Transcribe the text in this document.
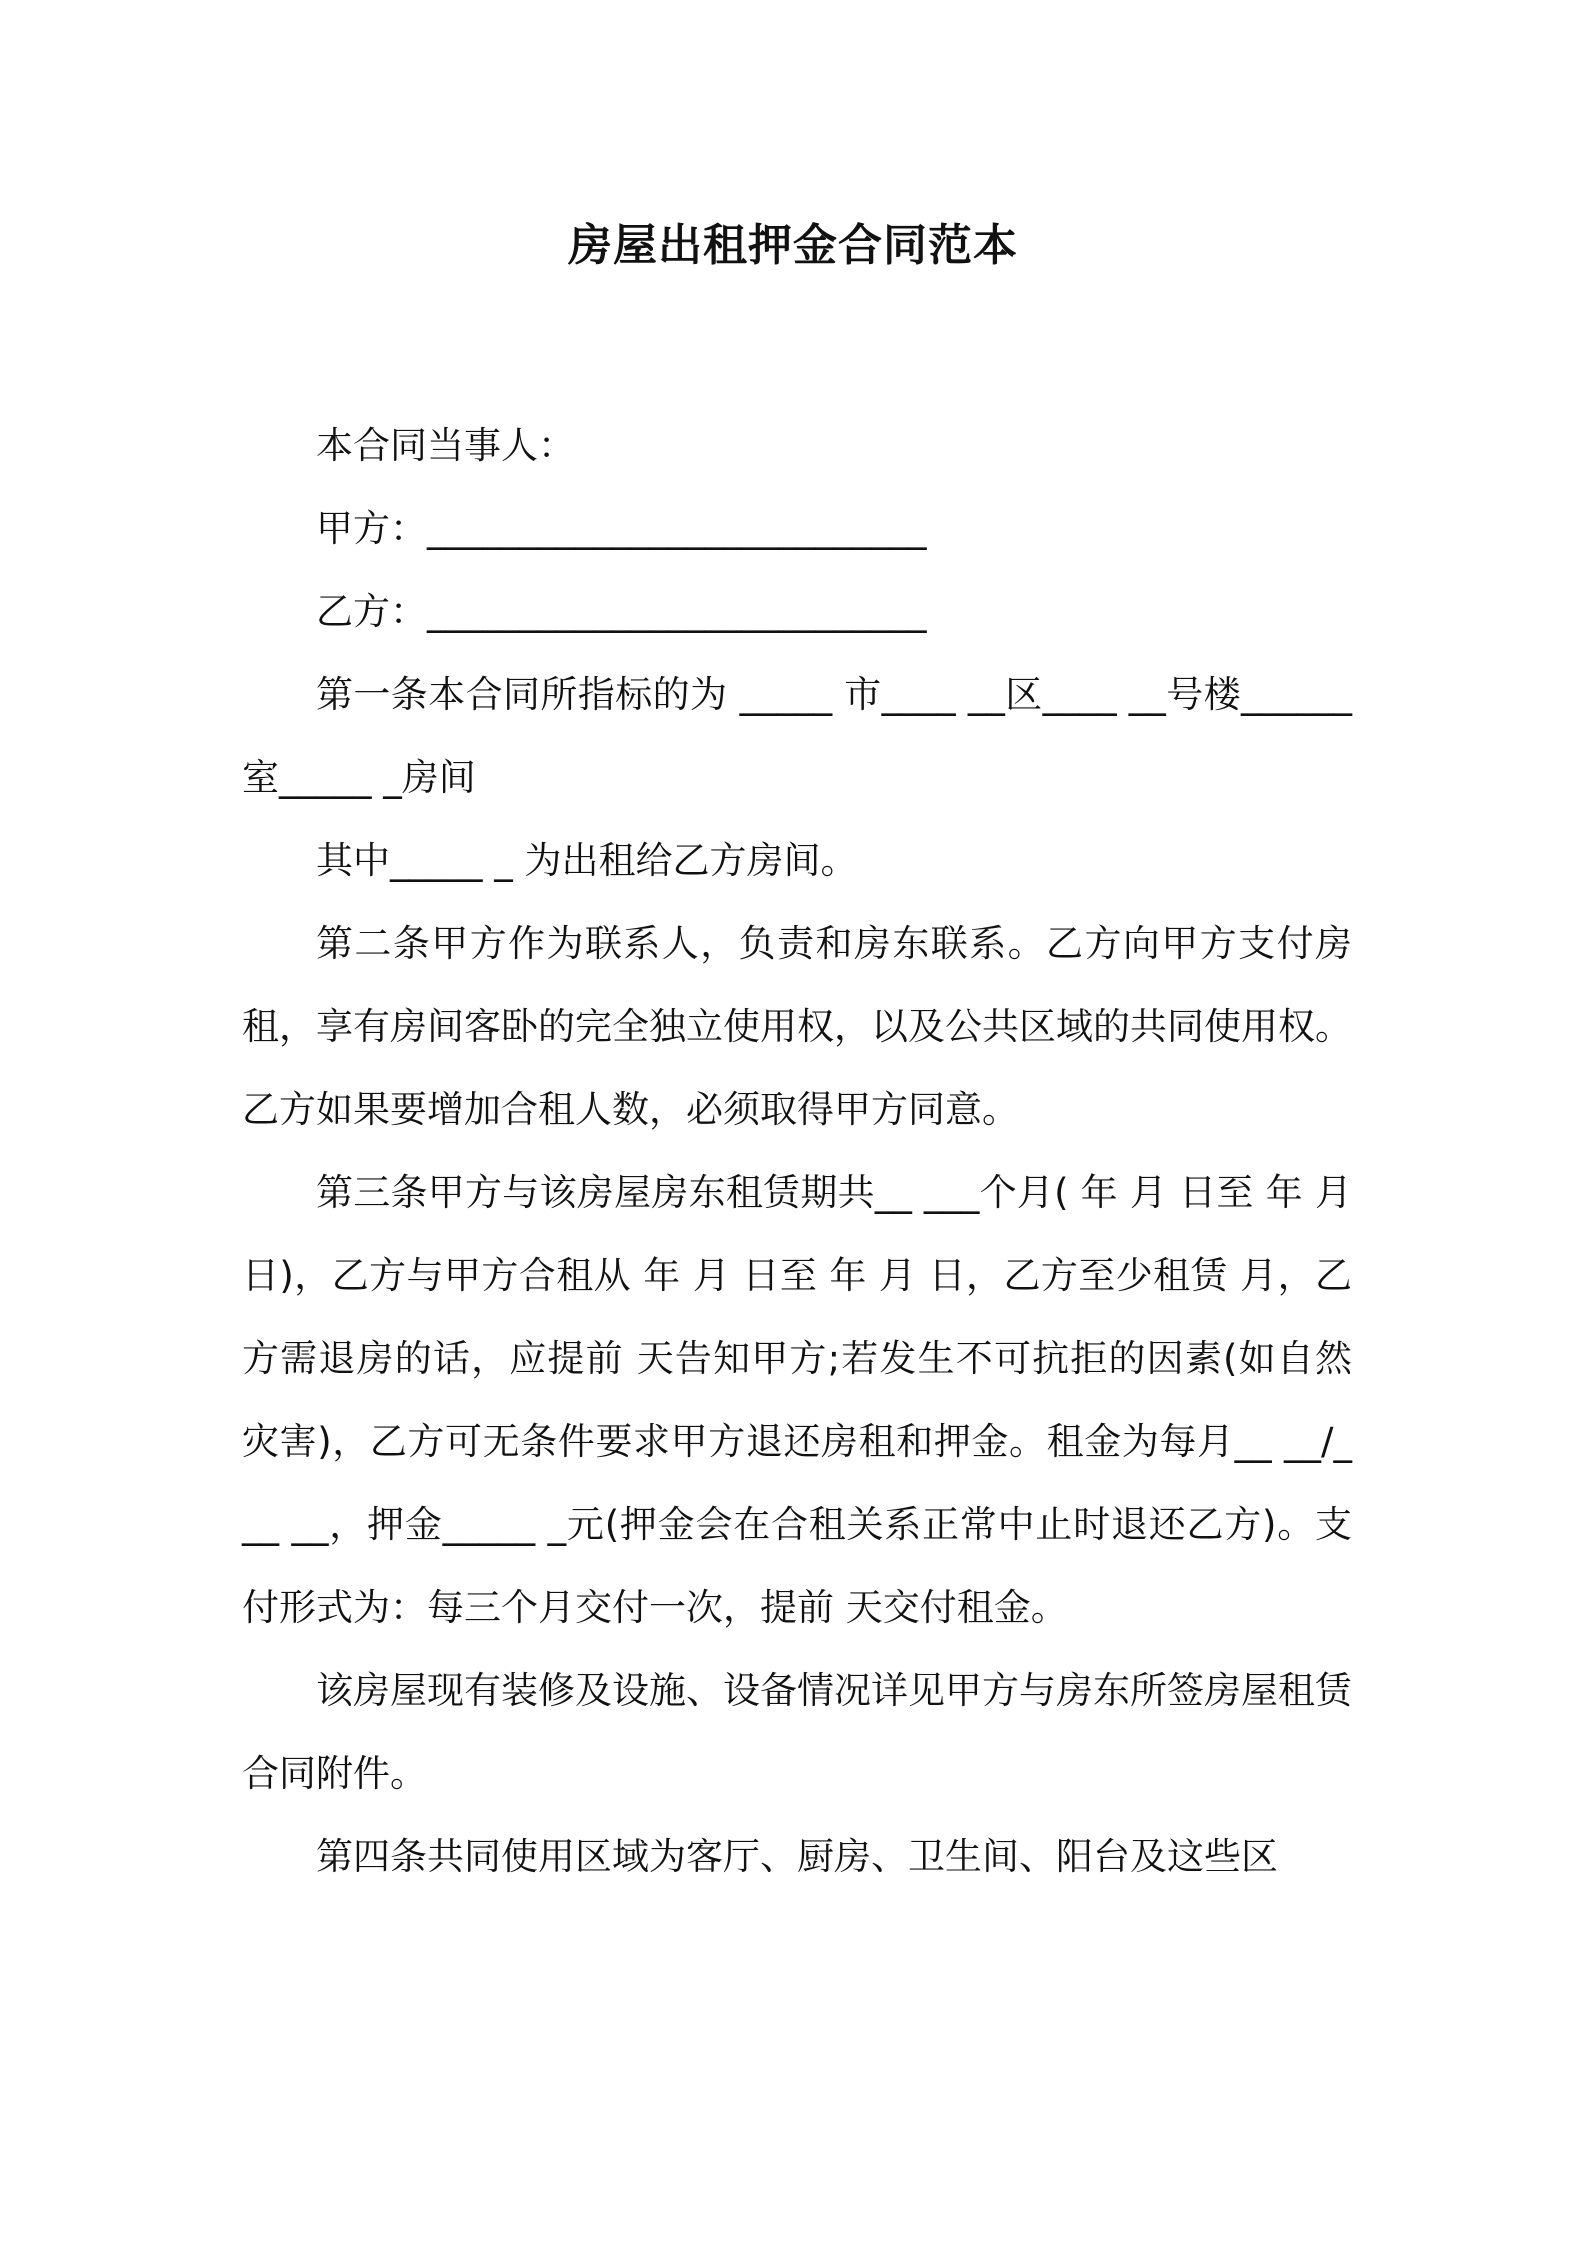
房屋出租押金合同范本

本合同当事人：

甲方：___________________________

乙方：___________________________

第一条本合同所指标的为 _____ 市____ __区____ __号楼______室_____ _房间

其中_____ _ 为出租给乙方房间。

第二条甲方作为联系人，负责和房东联系。乙方向甲方支付房租，享有房间客卧的完全独立使用权，以及公共区域的共同使用权。乙方如果要增加合租人数，必须取得甲方同意。

第三条甲方与该房屋房东租赁期共__ ___个月( 年 月 日至 年 月 日)，乙方与甲方合租从 年 月 日至 年 月 日，乙方至少租赁 月，乙方需退房的话，应提前 天告知甲方;若发生不可抗拒的因素(如自然灾害)，乙方可无条件要求甲方退还房租和押金。租金为每月__ __/___ __，押金_____ _元(押金会在合租关系正常中止时退还乙方)。支付形式为：每三个月交付一次，提前 天交付租金。

该房屋现有装修及设施、设备情况详见甲方与房东所签房屋租赁合同附件。

第四条共同使用区域为客厅、厨房、卫生间、阳台及这些区
